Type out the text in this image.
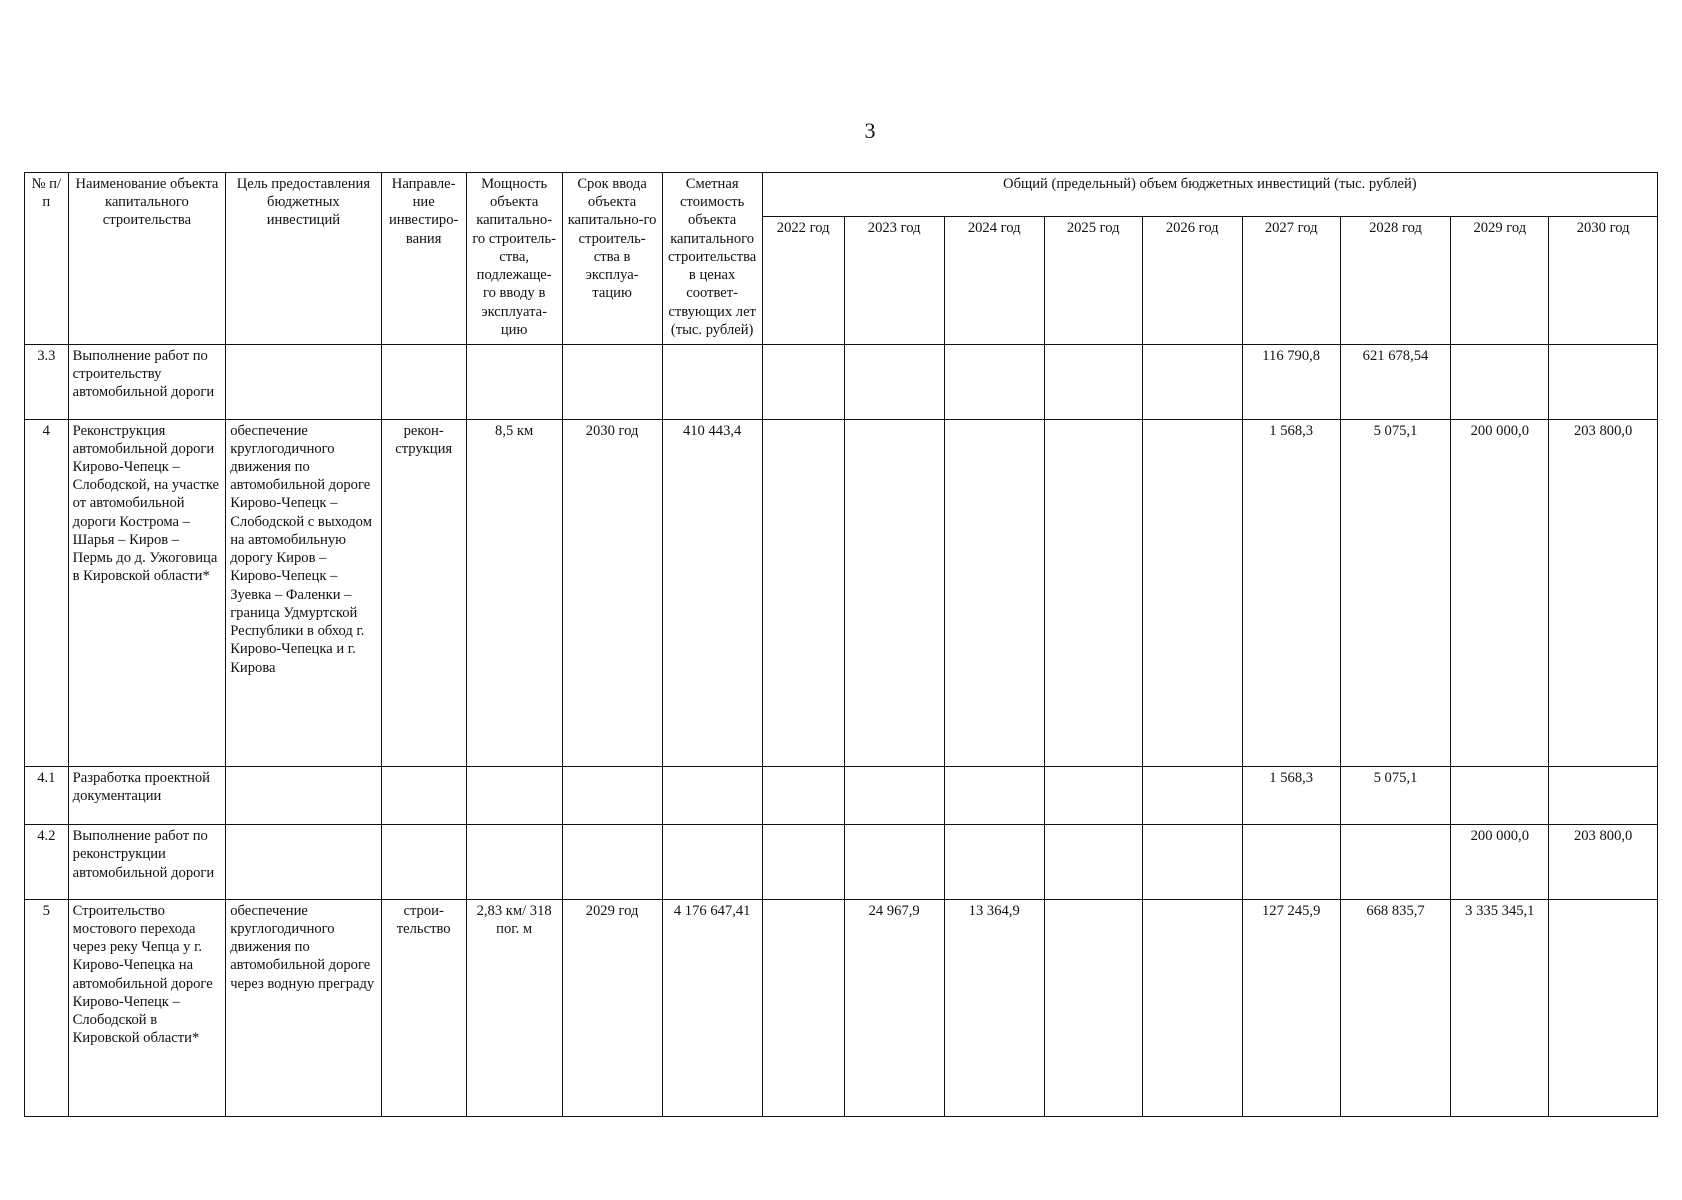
3
№ п/п	Наименование объекта капитального строительства	Цель предоставления бюджетных инвестиций	Направле-ние инвестиро-вания	Мощность объекта капитально-го строитель-ства, подлежаще-го вводу в эксплуата-цию	Срок ввода объекта капитально-го строитель-ства в эксплуа-тацию	Сметная стоимость объекта капитального строительства в ценах соответ-ствующих лет (тыс. рублей)	Общий (предельный) объем бюджетных инвестиций (тыс. рублей)								
							2022 год	2023 год	2024 год	2025 год	2026 год	2027 год	2028 год	2029 год	2030 год
3.3	Выполнение работ по строительству автомобильной дороги											116 790,8	621 678,54		
4	Реконструкция автомобильной дороги Кирово-Чепецк – Слободской, на участке от автомобильной дороги Кострома – Шарья – Киров – Пермь до д. Ужоговица в Кировской области*	обеспечение круглогодичного движения по автомобильной дороге Кирово-Чепецк – Слободской с выходом на автомобильную дорогу Киров – Кирово-Чепецк – Зуевка – Фаленки – граница Удмуртской Республики в обход г. Кирово-Чепецка и г. Кирова	рекон-струкция	8,5 км	2030 год	410 443,4						1 568,3	5 075,1	200 000,0	203 800,0
4.1	Разработка проектной документации											1 568,3	5 075,1		
4.2	Выполнение работ по реконструкции автомобильной дороги													200 000,0	203 800,0
5	Строительство мостового перехода через реку Чепца у г. Кирово-Чепецка на автомобильной дороге Кирово-Чепецк – Слободской в Кировской области*	обеспечение круглогодичного движения по автомобильной дороге через водную преграду	строи-тельство	2,83 км/ 318 пог. м	2029 год	4 176 647,41		24 967,9	13 364,9			127 245,9	668 835,7	3 335 345,1	
